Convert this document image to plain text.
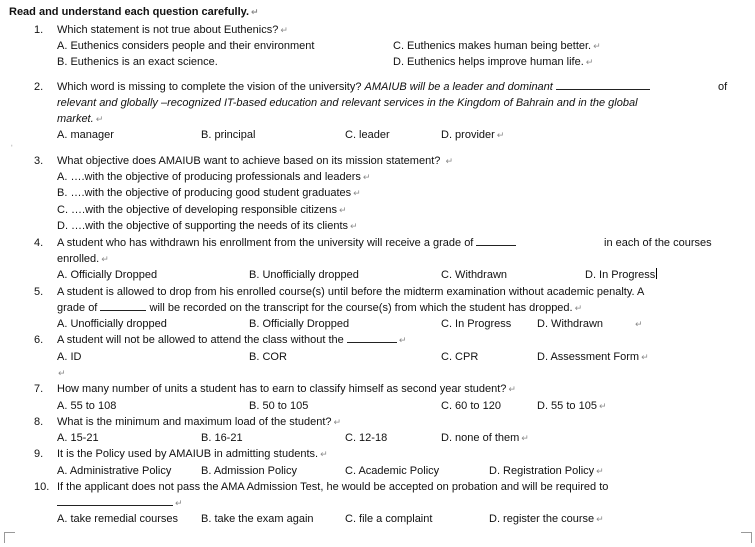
ˈ
Read and understand each question carefully. ↵
1. Which statement is not true about Euthenics? ↵
A. Euthenics considers people and their environment	C. Euthenics makes human being better. ↵
B. Euthenics is an exact science.	D. Euthenics helps improve human life. ↵
2. Which word is missing to complete the vision of the university? AMAIUB will be a leader and dominant	of
relevant and globally –recognized IT-based education and relevant services in the Kingdom of Bahrain and in the global
market. ↵
A. manager	B. principal	C. leader	D. provider ↵
3. What objective does AMAIUB want to achieve based on its mission statement? ↵
A. ….with the objective of producing professionals and leaders ↵
B. ….with the objective of producing good student graduates ↵
C. ….with the objective of developing responsible citizens ↵
D. ….with the objective of supporting the needs of its clients ↵
4. A student who has withdrawn his enrollment from the university will receive a grade of	in each of the courses
enrolled. ↵
A. Officially Dropped	B. Unofficially dropped	C. Withdrawn	D. In Progress
5. A student is allowed to drop from his enrolled course(s) until before the midterm examination without academic penalty. A
grade of	will be recorded on the transcript for the course(s) from which the student has dropped. ↵
A. Unofficially dropped	B. Officially Dropped	C. In Progress D. Withdrawn	↵
6. A student will not be allowed to attend the class without the	↵
A. ID	B. COR	C. CPR	D. Assessment Form ↵
↵
7. How many number of units a student has to earn to classify himself as second year student? ↵
A. 55 to 108	B. 50 to 105	C. 60 to 120	D. 55 to 105 ↵
8. What is the minimum and maximum load of the student? ↵
A. 15-21	B. 16-21	C. 12-18	D. none of them ↵
9. It is the Policy used by AMAIUB in admitting students. ↵
A. Administrative Policy	B. Admission Policy	C. Academic Policy	D. Registration Policy ↵
10. If the applicant does not pass the AMA Admission Test, he would be accepted on probation and will be required to
↵
A. take remedial courses B. take the exam again	C. file a complaint	D. register the course ↵
